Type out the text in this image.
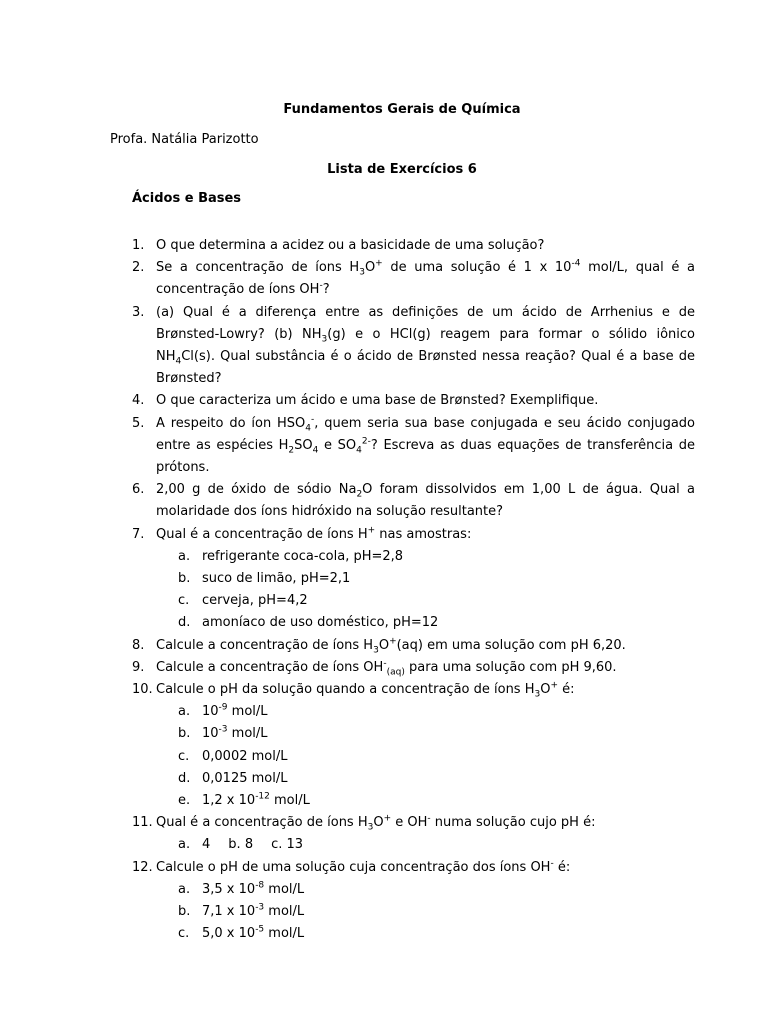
Fundamentos Gerais de Química
Profa. Natália Parizotto
Lista de Exercícios 6
Ácidos e Bases
1. O que determina a acidez ou a basicidade de uma solução?
2. Se a concentração de íons $H_3O^+$ de uma solução é 1 x $10^{-4}$ mol/L, qual é a concentração de íons OH-?
3. (a) Qual é a diferença entre as definições de um ácido de Arrhenius e de Brønsted-Lowry? (b) $NH_3(g)$ e o HCl(g) reagem para formar o sólido iônico $NH_4Cl(s)$. Qual substância é o ácido de Brønsted nessa reação? Qual é a base de Brønsted?
4. O que caracteriza um ácido e uma base de Brønsted? Exemplifique.
5. A respeito do íon $HSO_4^-$, quem seria sua base conjugada e seu ácido conjugado entre as espécies $H_2SO_4$ e $SO_4^{2-}$? Escreva as duas equações de transferência de prótons.
6. 2,00 g de óxido de sódio $Na_2O$ foram dissolvidos em 1,00 L de água. Qual a molaridade dos íons hidróxido na solução resultante?
7. Qual é a concentração de íons H+ nas amostras:
a. refrigerante coca-cola, pH=2,8
b. suco de limão, pH=2,1
c. cerveja, pH=4,2
d. amoníaco de uso doméstico, pH=12
8. Calcule a concentração de íons $H_3O^+(aq)$ em uma solução com pH 6,20.
9. Calcule a concentração de íons $OH^-_{(aq)}$ para uma solução com pH 9,60.
10. Calcule o pH da solução quando a concentração de íons $H_3O^+$ é:
a. $10^{-9}$ mol/L
b. $10^{-3}$ mol/L
c. 0,0002 mol/L
d. 0,0125 mol/L
e. 1,2 x $10^{-12}$ mol/L
11. Qual é a concentração de íons $H_3O^+$ e OH- numa solução cujo pH é:
a. 4 b.
8 c.
13
12. Calcule o pH de uma solução cuja concentração dos íons OH- é:
a. 3,5 x $10^{-8}$ mol/L
b. 7,1 x $10^{-3}$ mol/L
c. 5,0 x $10^{-5}$ mol/L
